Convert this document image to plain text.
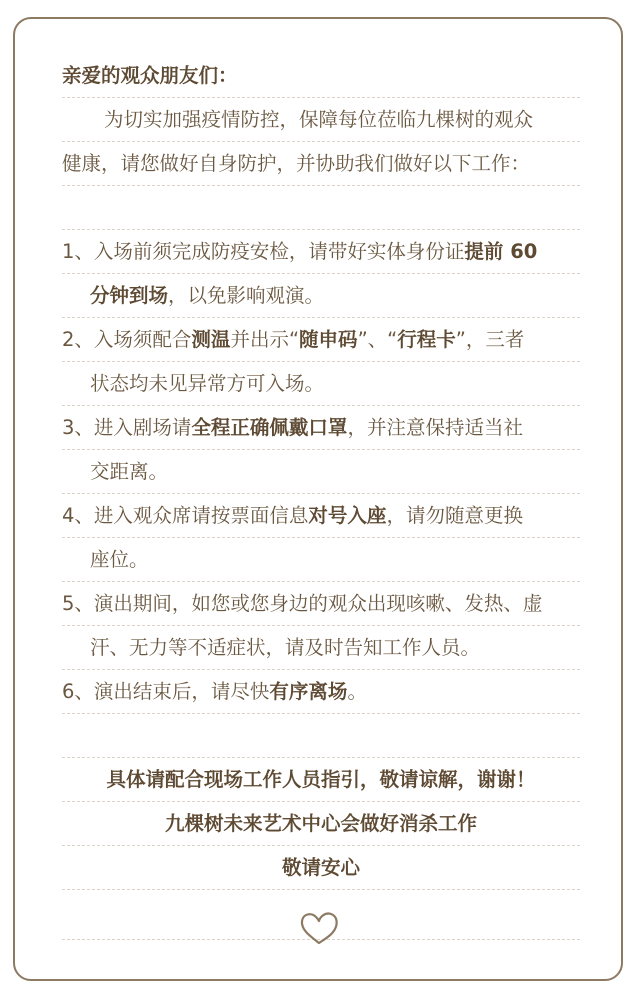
亲爱的观众朋友们：
为切实加强疫情防控，保障每位莅临九棵树的观众
健康，请您做好自身防护，并协助我们做好以下工作：
1、入场前须完成防疫安检，请带好实体身份证提前 60
分钟到场，以免影响观演。
2、入场须配合测温并出示“随申码”、“行程卡”，三者
状态均未见异常方可入场。
3、进入剧场请全程正确佩戴口罩，并注意保持适当社
交距离。
4、进入观众席请按票面信息对号入座，请勿随意更换
座位。
5、演出期间，如您或您身边的观众出现咳嗽、发热、虚
汗、无力等不适症状，请及时告知工作人员。
6、演出结束后，请尽快有序离场。
具体请配合现场工作人员指引，敬请谅解，谢谢！
九棵树未来艺术中心会做好消杀工作
敬请安心
